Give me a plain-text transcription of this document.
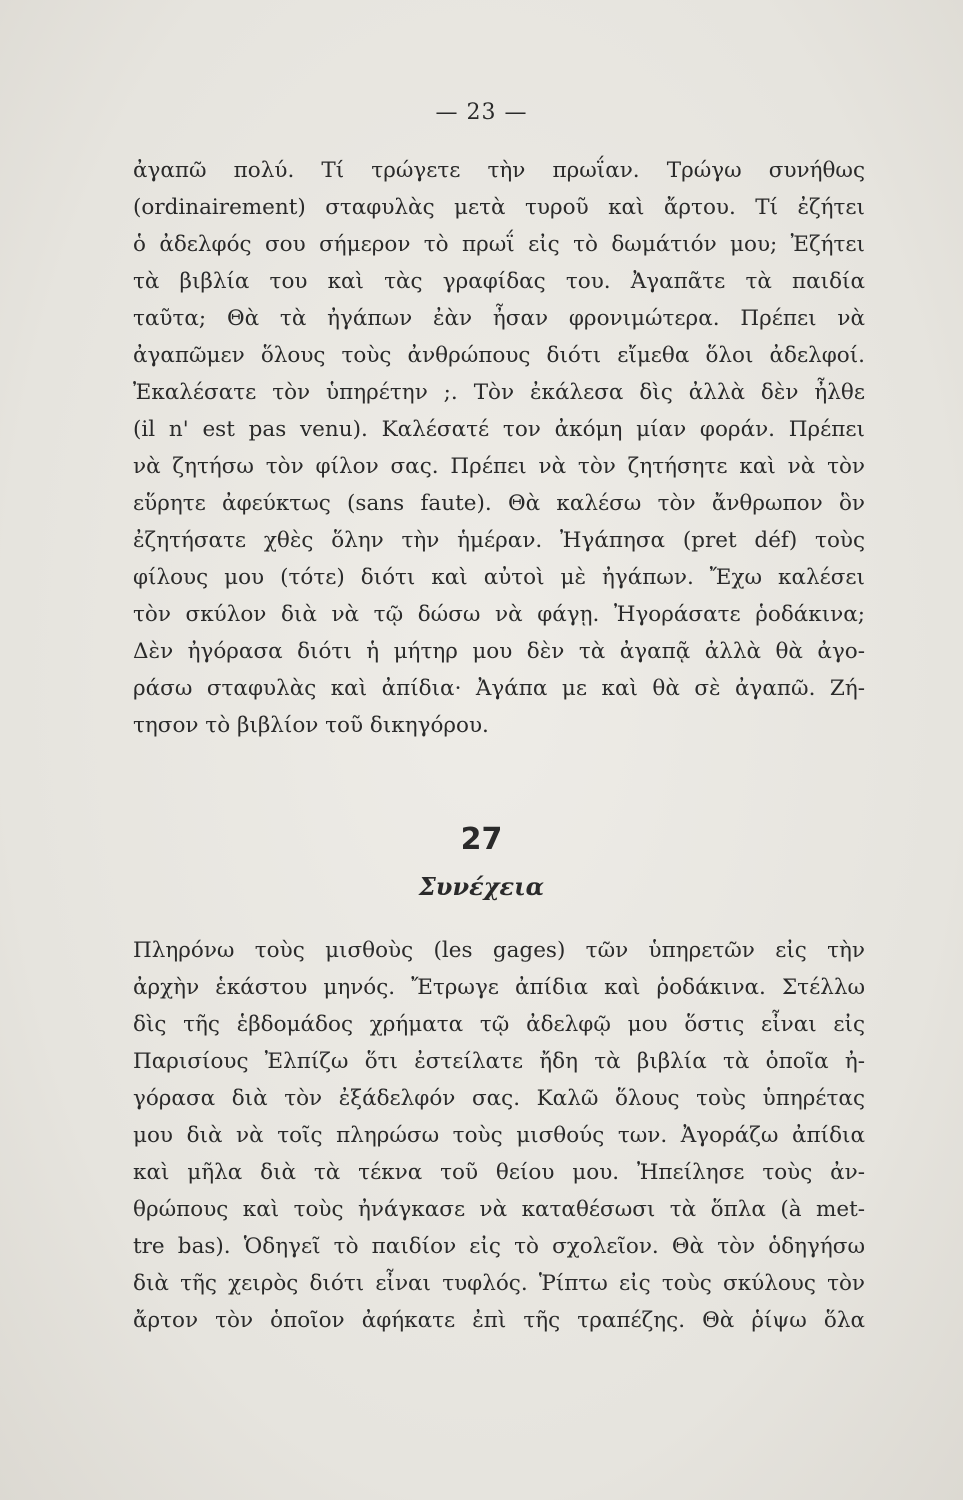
— 23 —
ἀγαπῶ πολύ. Τί τρώγετε τὴν πρωΐαν. Τρώγω συνήθως
(ordinairement) σταφυλὰς μετὰ τυροῦ καὶ ἄρτου. Τί ἐζήτει
ὁ ἀδελφός σου σήμερον τὸ πρωΐ εἰς τὸ δωμάτιόν μου; Ἐζήτει
τὰ βιβλία του καὶ τὰς γραφίδας του. Ἀγαπᾶτε τὰ παιδία
ταῦτα; Θὰ τὰ ἠγάπων ἐὰν ἦσαν φρονιμώτερα. Πρέπει νὰ
ἀγαπῶμεν ὅλους τοὺς ἀνθρώπους διότι εἴμεθα ὅλοι ἀδελφοί.
Ἐκαλέσατε τὸν ὑπηρέτην ;. Τὸν ἐκάλεσα δὶς ἀλλὰ δὲν ἦλθε
(il n' est pas venu). Καλέσατέ τον ἀκόμη μίαν φοράν. Πρέπει
νὰ ζητήσω τὸν φίλον σας. Πρέπει νὰ τὸν ζητήσητε καὶ νὰ τὸν
εὕρητε ἀφεύκτως (sans faute). Θὰ καλέσω τὸν ἄνθρωπον ὃν
ἐζητήσατε χθὲς ὅλην τὴν ἡμέραν. Ἠγάπησα (pret déf) τοὺς
φίλους μου (τότε) διότι καὶ αὐτοὶ μὲ ἠγάπων. Ἔχω καλέσει
τὸν σκύλον διὰ νὰ τῷ δώσω νὰ φάγῃ. Ἠγοράσατε ῥοδάκινα;
Δὲν ἠγόρασα διότι ἡ μήτηρ μου δὲν τὰ ἀγαπᾷ ἀλλὰ θὰ ἀγο-
ράσω σταφυλὰς καὶ ἀπίδια· Ἀγάπα με καὶ θὰ σὲ ἀγαπῶ. Ζή-
τησον τὸ βιβλίον τοῦ δικηγόρου.
27
Συνέχεια
Πληρόνω τοὺς μισθοὺς (les gages) τῶν ὑπηρετῶν εἰς τὴν
ἀρχὴν ἑκάστου μηνός. Ἔτρωγε ἀπίδια καὶ ῥοδάκινα. Στέλλω
δὶς τῆς ἑβδομάδος χρήματα τῷ ἀδελφῷ μου ὅστις εἶναι εἰς
Παρισίους Ἐλπίζω ὅτι ἐστείλατε ἤδη τὰ βιβλία τὰ ὁποῖα ἠ-
γόρασα διὰ τὸν ἐξάδελφόν σας. Καλῶ ὅλους τοὺς ὑπηρέτας
μου διὰ νὰ τοῖς πληρώσω τοὺς μισθούς των. Ἀγοράζω ἀπίδια
καὶ μῆλα διὰ τὰ τέκνα τοῦ θείου μου. Ἠπείλησε τοὺς ἀν-
θρώπους καὶ τοὺς ἠνάγκασε νὰ καταθέσωσι τὰ ὅπλα (à met-
tre bas). Ὁδηγεῖ τὸ παιδίον εἰς τὸ σχολεῖον. Θὰ τὸν ὁδηγήσω
διὰ τῆς χειρὸς διότι εἶναι τυφλός. Ῥίπτω εἰς τοὺς σκύλους τὸν
ἄρτον τὸν ὁποῖον ἀφήκατε ἐπὶ τῆς τραπέζης. Θὰ ῥίψω ὅλα
